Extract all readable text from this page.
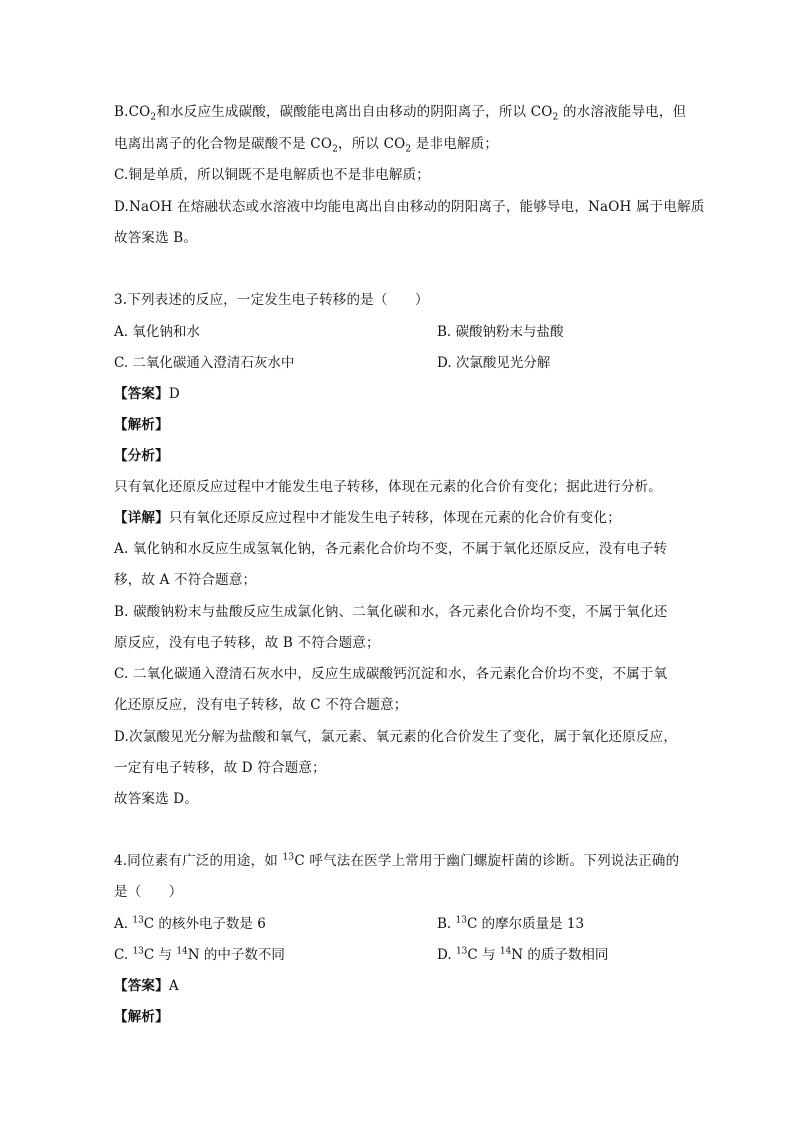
$B.CO_2$和水反应生成碳酸，碳酸能电离出自由移动的阴阳离子，所以 $CO_2$ 的水溶液能导电，但
电离出离子的化合物是碳酸不是 $CO_2$，所以 $CO_2$ 是非电解质；
C.铜是单质，所以铜既不是电解质也不是非电解质；
D.NaOH 在熔融状态或水溶液中均能电离出自由移动的阴阳离子，能够导电，NaOH 属于电解质
故答案选 B。
3.下列表述的反应，一定发生电子转移的是（　　）
A. 氧化钠和水	B. 碳酸钠粉末与盐酸
C. 二氧化碳通入澄清石灰水中	D. 次氯酸见光分解
【答案】D
【解析】
【分析】
只有氧化还原反应过程中才能发生电子转移，体现在元素的化合价有变化；据此进行分析。
【详解】只有氧化还原反应过程中才能发生电子转移，体现在元素的化合价有变化；
A. 氧化钠和水反应生成氢氧化钠，各元素化合价均不变，不属于氧化还原反应，没有电子转
移，故 A 不符合题意；
B. 碳酸钠粉末与盐酸反应生成氯化钠、二氧化碳和水，各元素化合价均不变，不属于氧化还
原反应，没有电子转移，故 B 不符合题意；
C. 二氧化碳通入澄清石灰水中，反应生成碳酸钙沉淀和水，各元素化合价均不变，不属于氧
化还原反应，没有电子转移，故 C 不符合题意；
D.次氯酸见光分解为盐酸和氧气，氯元素、氧元素的化合价发生了变化，属于氧化还原反应，
一定有电子转移，故 D 符合题意；
故答案选 D。
4.同位素有广泛的用途，如 $^{13}$C 呼气法在医学上常用于幽门螺旋杆菌的诊断。下列说法正确的
是（　　）
A. $^{13}$C 的核外电子数是 6	B. $^{13}$C 的摩尔质量是 13
C. $^{13}$C 与 $^{14}$N 的中子数不同	D. $^{13}$C 与 $^{14}$N 的质子数相同
【答案】A
【解析】
